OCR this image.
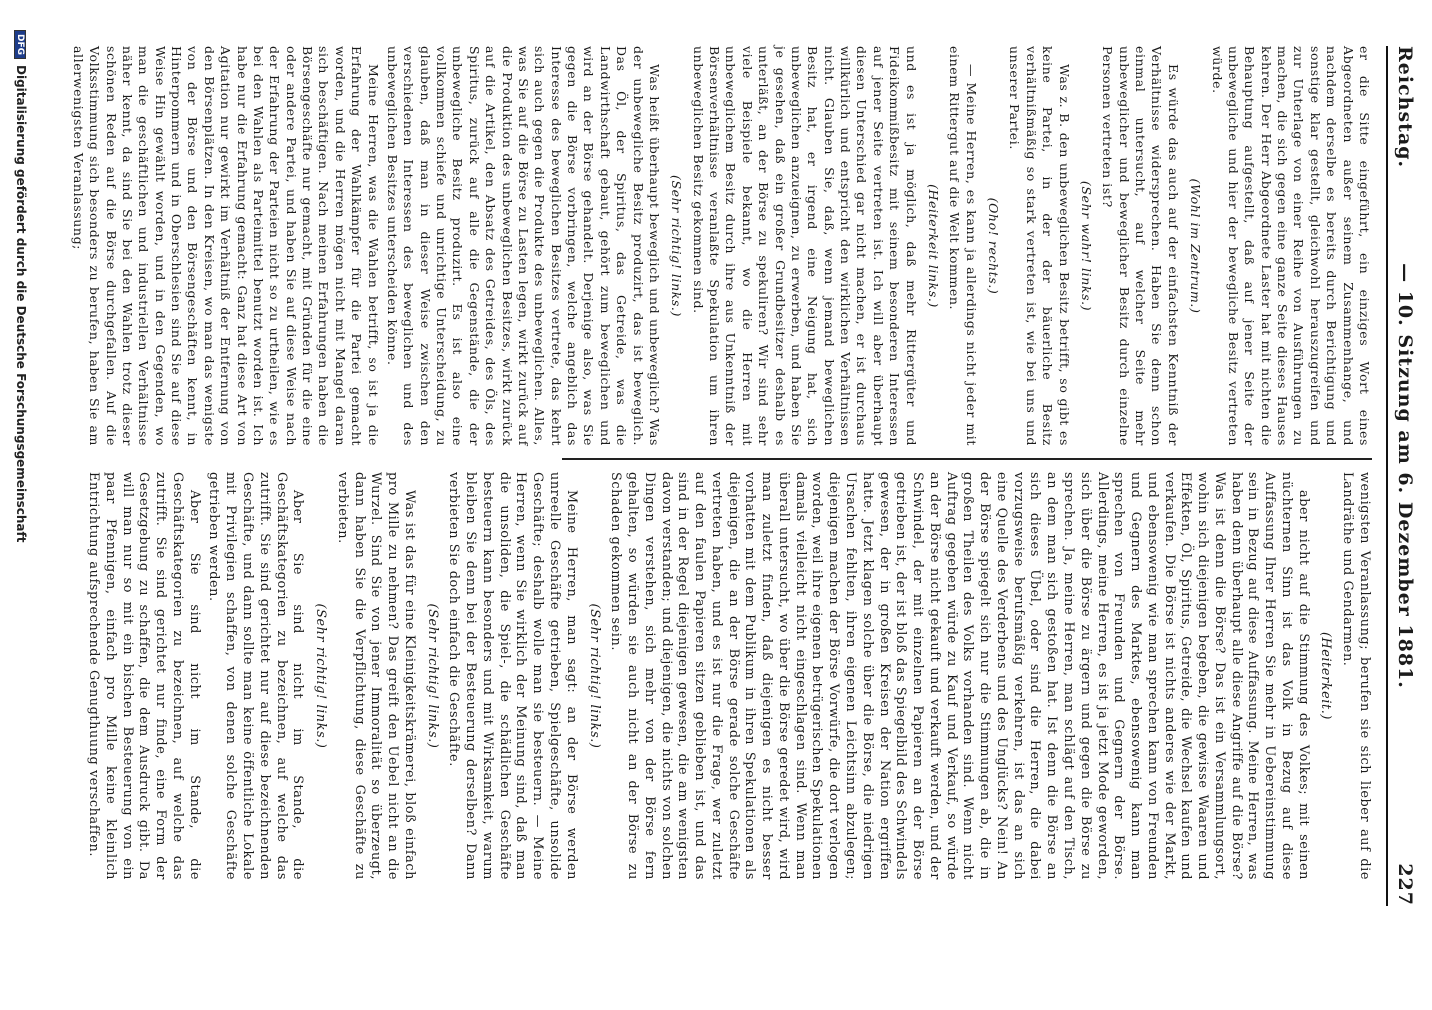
Reichstag.
— 10. Sitzung am 6. Dezember 1881.
227

er die Sitte eingeführt, ein einziges Wort eines Abgeordneten außer seinem Zusammenhange, und nachdem derselbe es bereits durch Berichtigung und sonstige klar gestellt, gleichwohl herauszugreifen und zur Unterlage von einer Reihe von Ausführungen zu machen, die sich gegen eine ganze Seite dieses Hauses kehren. Der Herr Abgeordnete Laster hat mit nichten die Behauptung aufgestellt, daß auf jener Seite der unbewegliche und hier der bewegliche Besitz vertreten würde.

(Wohl im Zentrum.)

Es würde das auch auf der einfachsten Kenntniß der Verhältnisse widersprechen. Haben Sie denn schon einmal untersucht, auf welcher Seite mehr unbeweglicher und beweglicher Besitz durch einzelne Personen vertreten ist?

(Sehr wahr! links.)

Was z. B. den unbeweglichen Besitz betrifft, so gibt es keine Partei, in der der bäuerliche Besitz verhältnißmäßig so stark vertreten ist, wie bei uns und unserer Partei.

(Oho! rechts.)

— Meine Herren, es kann ja allerdings nicht jeder mit einem Rittergut auf die Welt kommen.

(Heiterkeit links.)

und es ist ja möglich, daß mehr Rittergüter und Fideikommißbesitz mit seinem besonderen Interessen auf jener Seite vertreten ist. Ich will aber überhaupt diesen Unterschied gar nicht machen, er ist durchaus willkürlich und entspricht den wirklichen Verhältnissen nicht. Glauben Sie, daß, wenn jemand beweglichen Besitz hat, er irgend eine Neigung hat, sich unbeweglichen anzueignen, zu erwerben, und haben Sie je gesehen, daß ein großer Grundbesitzer deshalb es unterläßt, an der Börse zu spekuliren? Wir sind sehr viele Beispiele bekannt, wo die Herren mit unbeweglichem Besitz durch ihre aus Unkenntniß der Börsenverhältnisse veranlaßte Spekulation um ihren unbeweglichen Besitz gekommen sind.

(Sehr richtig! links.)

Was heißt überhaupt beweglich und unbeweglich? Was der unbewegliche Besitz produzirt, das ist beweglich. Das Öl, der Spiritus, das Getreide, was die Landwirthschaft gebaut, gehört zum beweglichen und wird an der Börse gehandelt. Derjenige also, was Sie gegen die Börse vorbringen, welche angeblich das Interesse des beweglichen Besitzes vertrete, das kehrt sich auch gegen die Produkte des unbeweglichen. Alles, was Sie auf die Börse zu Lasten legen, wirkt zurück auf die Produktion des unbeweglichen Besitzes, wirkt zurück auf die Artikel, den Absatz des Getreides, des Öls, des Spiritus, zurück auf alle die Gegenstände, die der unbewegliche Besitz produzirt. Es ist also eine vollkommen schiefe und unrichtige Unterscheidung, zu glauben, daß man in dieser Weise zwischen den verschiedenen Interessen des beweglichen und des unbeweglichen Besitzes unterscheiden könne.

Meine Herren, was die Wahlen betrifft, so ist ja die Erfahrung der Wahlkämpfer für die Partei gemacht worden, und die Herren mögen nicht mit Mangel daran sich beschäftigen. Nach meinen Erfahrungen haben die Börsengeschäfte nur gemacht, mit Gründen für die eine oder andere Partei, und haben Sie auf diese Weise nach der Erfahrung der Parteien nicht so zu urtheilen, wie es bei den Wahlen als Parteimittel benutzt worden ist. Ich habe nur die Erfahrung gemacht: Ganz hat diese Art von Agitation nur gewirkt im Verhältniß der Entfernung von den Börsenplätzen. In den Kreisen, wo man das wenigste von der Börse und den Börsengeschäften kennt, in Hinterpommern und in Oberschlesien sind Sie auf diese Weise Hin gewählt worden, und in den Gegenden, wo man die geschäftlichen und industriellen Verhältnisse näher kennt, da sind Sie bei den Wahlen trotz dieser schönen Reden auf die Börse durchgefallen. Auf die Volksstimmung sich besonders zu berufen, haben Sie am allerwenigsten Veranlassung;

wenigsten Veranlassung; berufen sie sich lieber auf die Landräthe und Gendarmen.

(Heiterkeit.)

aber nicht auf die Stimmung des Volkes; mit seinen nüchternen Sinn ist das Volk in Bezug auf diese Auffassung Ihrer Herren Sie mehr in Uebereinstimmung sein in Bezug auf diese Auffassung. Meine Herren, was haben denn überhaupt alle diese Angriffe auf die Börse? Was ist denn die Börse? Das ist ein Versammlungsort, wohin sich diejenigen begeben, die gewisse Waaren und Effekten, Öl, Spiritus, Getreide, die Wechsel kaufen und verkaufen. Die Börse ist nichts anderes wie der Markt, und ebensowenig wie man sprechen kann von Freunden und Gegnern des Marktes, ebensowenig kann man sprechen von Freunden und Gegnern der Börse. Allerdings, meine Herren, es ist ja jetzt Mode geworden, sich über die Börse zu ärgern und gegen die Börse zu sprechen. Ja, meine Herren, man schlägt auf den Tisch, an dem man sich gestoßen hat. Ist denn die Börse an sich dieses Übel, oder sind die Herren, die dabei vorzugsweise berufsmäßig verkehren, ist das an sich eine Quelle des Verderbens und des Unglücks? Nein! An der Börse spiegelt sich nur die Stimmungen ab, die in großen Theilen des Volks vorhanden sind. Wenn nicht Auftrag gegeben würde zu Kauf und Verkauf, so würde an der Börse nicht gekauft und verkauft werden, und der Schwindel, der mit einzelnen Papieren an der Börse getrieben ist, der ist bloß das Spiegelbild des Schwindels gewesen, der in großen Kreisen der Nation ergriffen hatte. Jetzt klagen solche über die Börse, die niedrigen Ursachen fehlten, ihren eigenen Leichtsinn abzulegen; diejenigen machen der Börse Vorwürfe, die dort verlogen worden, weil ihre eigenen betrügerischen Spekulationen damals vielleicht nicht eingeschlagen sind. Wenn man überall untersucht, wo über die Börse geredet wird, wird man zuletzt finden, daß diejenigen es nicht besser vorhatten mit dem Publikum in ihren Spekulationen als diejenigen, die an der Börse gerade solche Geschäfte vertreten haben, und es ist nur die Frage, wer zuletzt auf den faulen Papieren sitzen geblieben ist, und das sind in der Regel diejenigen gewesen, die am wenigsten davon verstanden; und diejenigen, die nichts von solchen Dingen verstehen, sich mehr von der Börse fern gehalten, so würden sie auch nicht an der Börse zu Schaden gekommen sein.

(Sehr richtig! links.)

Meine Herren, man sagt: an der Börse werden unreelle Geschäfte getrieben, Spielgeschäfte, unsolide Geschäfte; deshalb wolle man sie besteuern. — Meine Herren, wenn Sie wirklich der Meinung sind, daß man die unsoliden, die Spiel-, die schädlichen Geschäfte besteuern kann besonders und mit Wirksamkeit, warum bleiben Sie denn bei der Besteuerung derselben? Dann verbieten Sie doch einfach die Geschäfte.

(Sehr richtig! links.)

Was ist das für eine Kleinigkeitskrämerei, bloß einfach pro Mille zu nehmen? Das greift den Uebel nicht an die Wurzel. Sind Sie von jener Immoralität so überzeugt, dann haben Sie die Verpflichtung, diese Geschäfte zu verbieten.

(Sehr richtig! links.)

Aber Sie sind nicht im Stande, die Geschäftskategorien zu bezeichnen, auf welche das zutrifft. Sie sind gerichtet nur auf diese bezeichnenden Geschäfte, und dann sollte man keine öffentliche Lokale mit Privilegien schaffen, von denen solche Geschäfte getrieben werden.

Aber Sie sind nicht im Stande, die Geschäftskategorien zu bezeichnen, auf welche das zutrifft. Sie sind gerichtet nur finde, eine Form der Gesetzgebung zu schaffen, die dem Ausdruck gibt. Da will man nur so mit ein bischen Besteuerung von ein paar Pfennigen, einfach pro Mille keine kleinlich Entrichtung aufsprechende Genugthuung verschaffen.

DFGDigitalisierung gefördert durch die Deutsche Forschungsgemeinschaft
